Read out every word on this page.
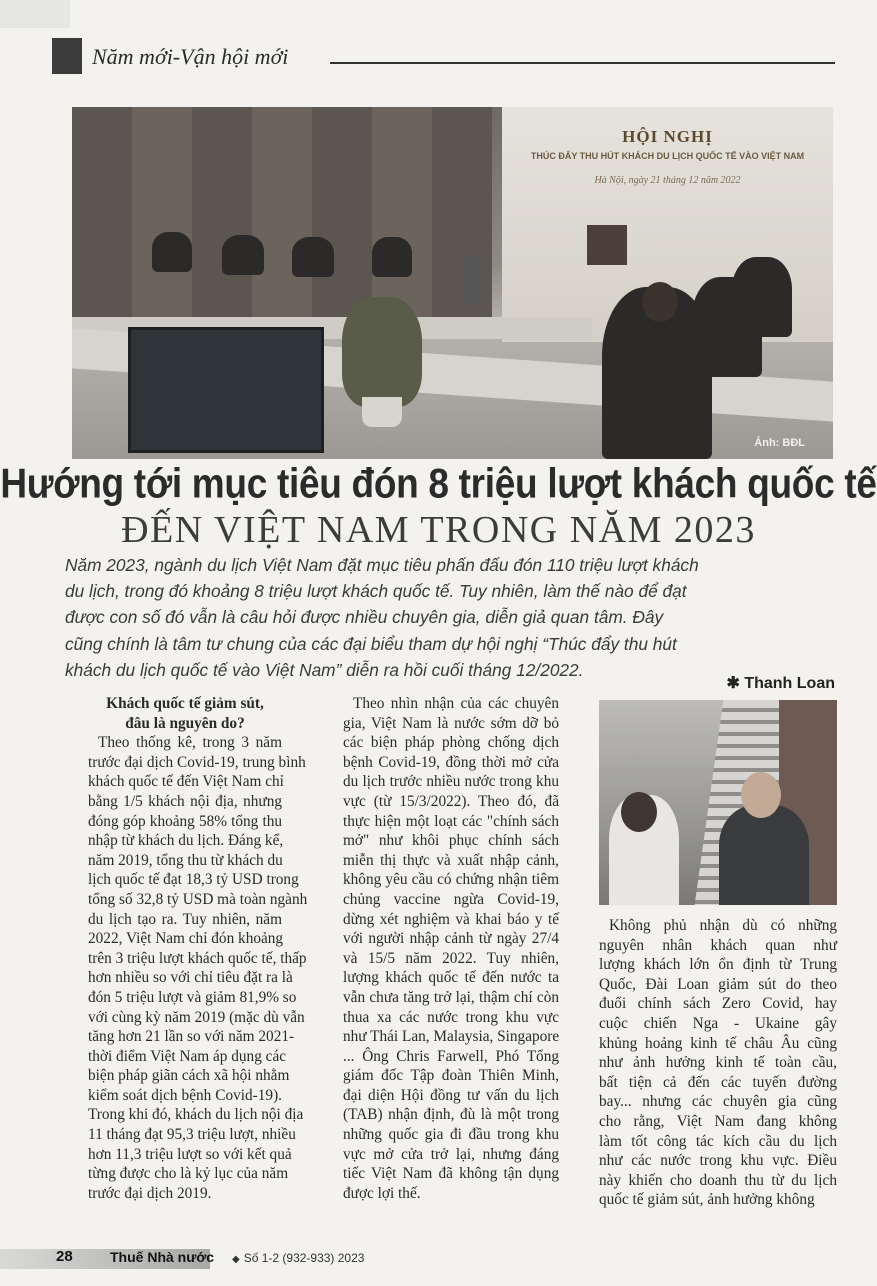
Năm mới-Vận hội mới
HỘI NGHỊ
THÚC ĐẨY THU HÚT KHÁCH DU LỊCH QUỐC TẾ VÀO VIỆT NAM
Hà Nội, ngày 21 tháng 12 năm 2022
Ảnh: BĐL
Hướng tới mục tiêu đón 8 triệu lượt khách quốc tế
ĐẾN VIỆT NAM TRONG NĂM 2023
Năm 2023, ngành du lịch Việt Nam đặt mục tiêu phấn đấu đón 110 triệu lượt khách
du lịch, trong đó khoảng 8 triệu lượt khách quốc tế. Tuy nhiên, làm thế nào để đạt
được con số đó vẫn là câu hỏi được nhiều chuyên gia, diễn giả quan tâm. Đây
cũng chính là tâm tư chung của các đại biểu tham dự hội nghị “Thúc đẩy thu hút
khách du lịch quốc tế vào Việt Nam” diễn ra hồi cuối tháng 12/2022.
✱ Thanh Loan
Khách quốc tế giảm sút,
đâu là nguyên do?
Theo thống kê, trong 3 năm
trước đại dịch Covid-19, trung bình
khách quốc tế đến Việt Nam chỉ
bằng 1/5 khách nội địa, nhưng
đóng góp khoảng 58% tổng thu
nhập từ khách du lịch. Đáng kể,
năm 2019, tổng thu từ khách du
lịch quốc tế đạt 18,3 tỷ USD trong
tổng số 32,8 tỷ USD mà toàn ngành
du lịch tạo ra. Tuy nhiên, năm
2022, Việt Nam chỉ đón khoảng
trên 3 triệu lượt khách quốc tế, thấp
hơn nhiều so với chỉ tiêu đặt ra là
đón 5 triệu lượt và giảm 81,9% so
với cùng kỳ năm 2019 (mặc dù vẫn
tăng hơn 21 lần so với năm 2021-
thời điểm Việt Nam áp dụng các
biện pháp giãn cách xã hội nhằm
kiểm soát dịch bệnh Covid-19).
Trong khi đó, khách du lịch nội địa
11 tháng đạt 95,3 triệu lượt, nhiều
hơn 11,3 triệu lượt so với kết quả
từng được cho là kỷ lục của năm
trước đại dịch 2019.
Theo nhìn nhận của các chuyên
gia, Việt Nam là nước sớm dỡ bỏ
các biện pháp phòng chống dịch
bệnh Covid-19, đồng thời mở cửa
du lịch trước nhiều nước trong khu
vực (từ 15/3/2022). Theo đó, đã
thực hiện một loạt các "chính sách
mở" như khôi phục chính sách
miễn thị thực và xuất nhập cảnh,
không yêu cầu có chứng nhận tiêm
chủng vaccine ngừa Covid-19,
dừng xét nghiệm và khai báo y tế
với người nhập cảnh từ ngày 27/4
và 15/5 năm 2022. Tuy nhiên,
lượng khách quốc tế đến nước ta
vẫn chưa tăng trở lại, thậm chí còn
thua xa các nước trong khu vực
như Thái Lan, Malaysia, Singapore
... Ông Chris Farwell, Phó Tổng
giám đốc Tập đoàn Thiên Minh,
đại diện Hội đồng tư vấn du lịch
(TAB) nhận định, đù là một trong
những quốc gia đi đầu trong khu
vực mở cửa trở lại, nhưng đáng
tiếc Việt Nam đã không tận dụng
được lợi thế.
Không phủ nhận dù có những
nguyên nhân khách quan như
lượng khách lớn ổn định từ Trung
Quốc, Đài Loan giảm sút do theo
đuổi chính sách Zero Covid, hay
cuộc chiến Nga - Ukaine gây
khủng hoảng kinh tế châu Âu cũng
như ảnh hưởng kinh tế toàn cầu,
bất tiện cả đến các tuyến đường
bay... nhưng các chuyên gia cũng
cho rằng, Việt Nam đang không
làm tốt công tác kích cầu du lịch
như các nước trong khu vực. Điều
này khiến cho doanh thu từ du lịch
quốc tế giảm sút, ảnh hưởng không
28	Thuế Nhà nước ◆ Số 1-2 (932-933) 2023
